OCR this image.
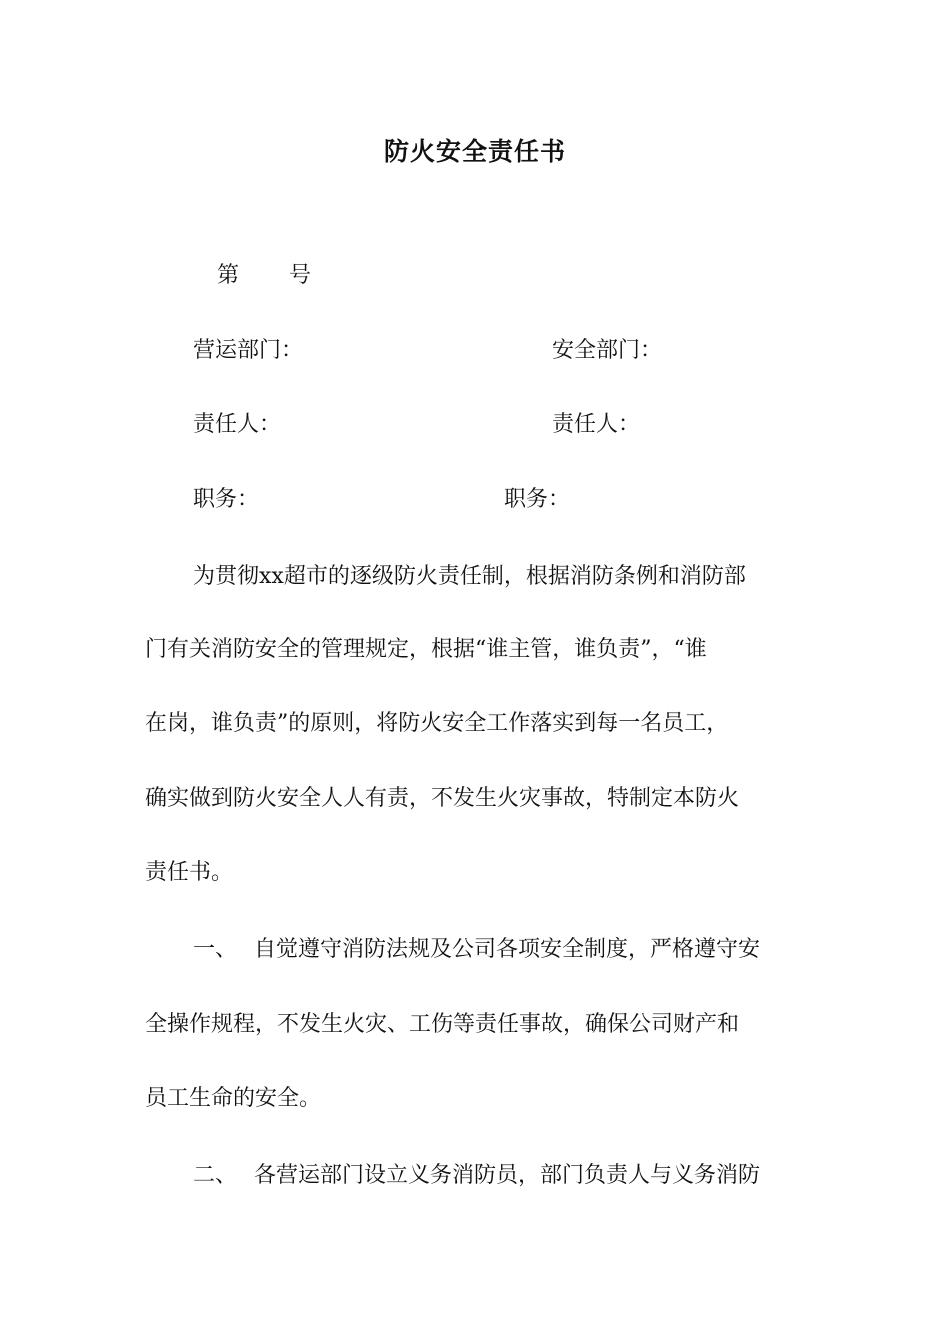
防火安全责任书
第 号
营运部门：	安全部门：
责任人：	责任人：
职务：	职务：
为贯彻xx超市的逐级防火责任制，根据消防条例和消防部
门有关消防安全的管理规定，根据“谁主管，谁负责”，“谁
在岗，谁负责”的原则，将防火安全工作落实到每一名员工，
确实做到防火安全人人有责，不发生火灾事故，特制定本防火
责任书。
一、 自觉遵守消防法规及公司各项安全制度，严格遵守安
全操作规程，不发生火灾、工伤等责任事故，确保公司财产和
员工生命的安全。
二、 各营运部门设立义务消防员，部门负责人与义务消防
